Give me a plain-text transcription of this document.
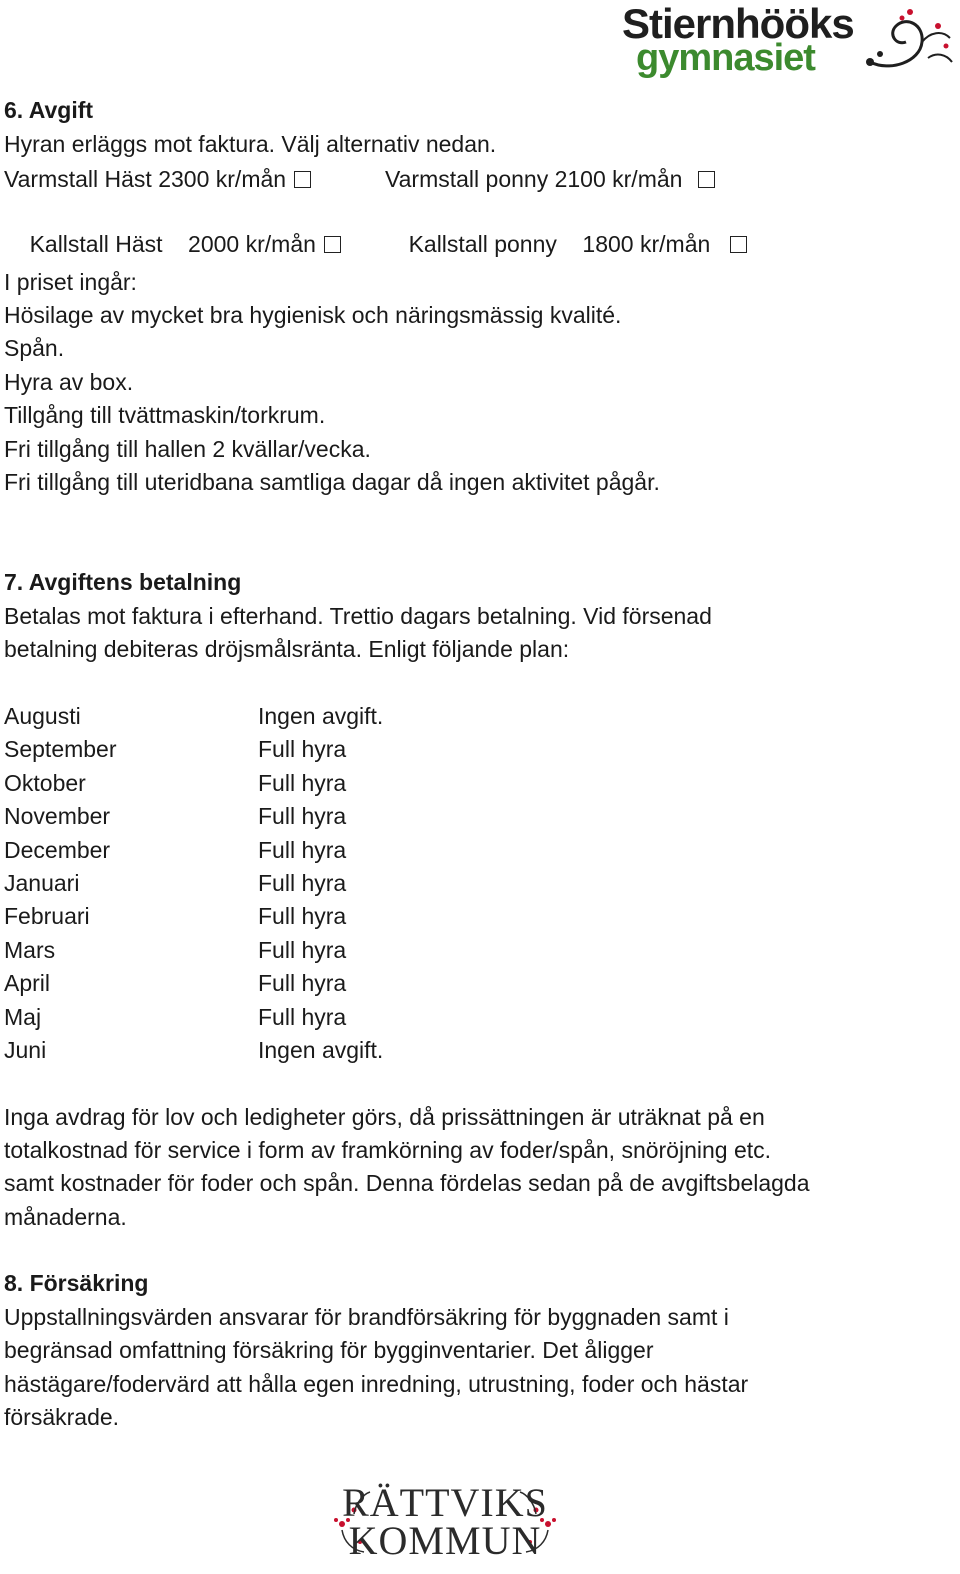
Stiernhööks
gymnasiet
6. Avgift
Hyran erläggs mot faktura. Välj alternativ nedan.
Varmstall Häst 2300 kr/mån	Varmstall ponny 2100 kr/mån

Kallstall Häst    2000 kr/mån
	Kallstall ponny    1800 kr/mån

I priset ingår:
Hösilage av mycket bra hygienisk och näringsmässig kvalité.
Spån.
Hyra av box.
Tillgång till tvättmaskin/torkrum.
Fri tillgång till hallen 2 kvällar/vecka.
Fri tillgång till uteridbana samtliga dagar då ingen aktivitet pågår.
7. Avgiftens betalning
Betalas mot faktura i efterhand. Trettio dagars betalning. Vid försenad
betalning debiteras dröjsmålsränta. Enligt följande plan:
Augusti	Ingen avgift.
September	Full hyra
Oktober	Full hyra
November	Full hyra
December	Full hyra
Januari	Full hyra
Februari	Full hyra
Mars	Full hyra
April	Full hyra
Maj	Full hyra
Juni	Ingen avgift.
Inga avdrag för lov och ledigheter görs, då prissättningen är uträknat på en
totalkostnad för service i form av framkörning av foder/spån, snöröjning etc.
samt kostnader för foder och spån. Denna fördelas sedan på de avgiftsbelagda
månaderna.
8. Försäkring
Uppstallningsvärden ansvarar för brandförsäkring för byggnaden samt i
begränsad omfattning försäkring för bygginventarier. Det åligger
hästägare/fodervärd att hålla egen inredning, utrustning, foder och hästar
försäkrade.
RÄTTVIKS
KOMMUN
